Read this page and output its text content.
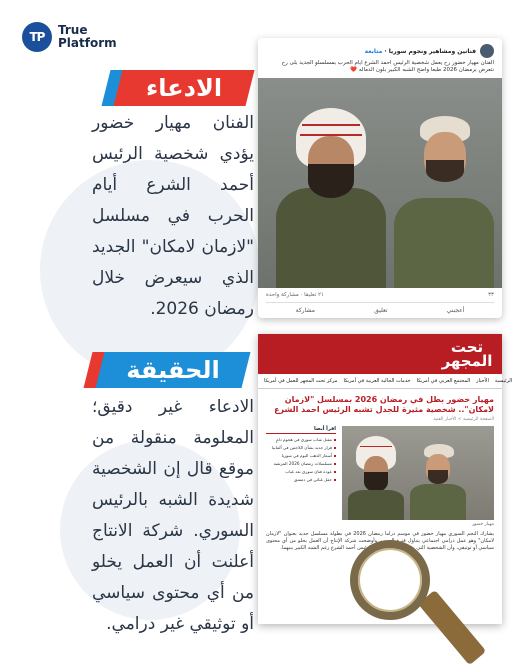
TP	True
Platform
الادعاء

الفنان مهيار خضور يؤدي شخصية الرئيس أحمد الشرع أيام الحرب في مسلسل "لازمان لامكان" الجديد الذي سيعرض خلال رمضان 2026.

الحقيقة

الادعاء غير دقيق؛ المعلومة منقولة من موقع قال إن الشخصية شديدة الشبه بالرئيس السوري. شركة الانتاج أعلنت أن العمل يخلو من أي محتوى سياسي أو توثيقي غير درامي.

فنانين ومشاهير ونجوم سوريا · متابعة

الفنان مهيار خضور رح يعمل شخصية الرئيس احمد الشرع ايام الحرب بمسلسلو الجديد بلى رح نتعرض برمضان 2026 طبعا واضح الشبه الكبير بلون الدماله ❤️

٣٣
٢١ تعليقا · مشاركة واحدة
أعجبني
تعليق
مشاركة
تحت المجهر
الرئيسية
الأخبار
المجتمع العربي في أمريكا
خدمات الجالية العربية في أمريكا
مركز تحت المجهر للعمل في أمريكا
مهيار خضور بطل في رمضان 2026 بمسلسل "لازمان لامكان".. شخصية مثيرة للجدل تشبه الرئيس احمد الشرع
الصفحة الرئيسية > الأخبار الفنية
اقرأ أيضا
مقتل شاب سوري في هجوم دامٍ
قرار جديد بشأن اللاجئين في ألمانيا
أسعار الذهب اليوم في سوريا
مسلسلات رمضان 2026 المرتقبة
عودة فنان سوري بعد غياب
حفل غنائي في دمشق
مهيار خضور

يشارك النجم السوري مهيار خضور في موسم دراما رمضان 2026 في بطولة مسلسل جديد بعنوان "لازمان لامكان" وهو عمل درامي اجتماعي يتناول فترة الحرب. وأوضحت شركة الإنتاج أن العمل يخلو من أي محتوى سياسي أو توثيقي، وأن الشخصية التي يؤديها خضور لا تمثل الرئيس أحمد الشرع رغم الشبه الكبير بينهما.
